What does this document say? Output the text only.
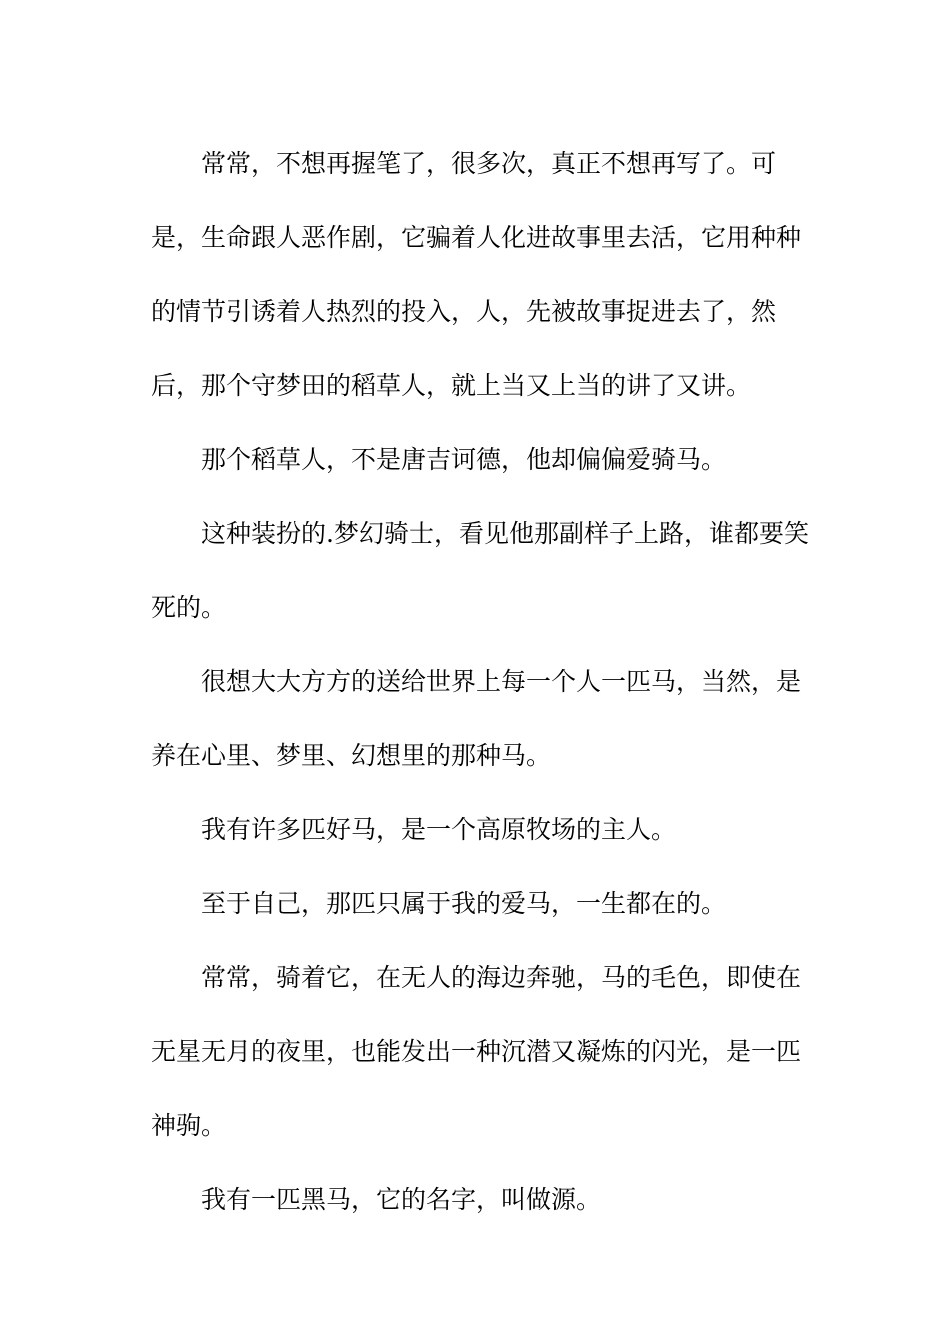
常常，不想再握笔了，很多次，真正不想再写了。可是，生命跟人恶作剧，它骗着人化进故事里去活，它用种种的情节引诱着人热烈的投入，人，先被故事捉进去了，然后，那个守梦田的稻草人，就上当又上当的讲了又讲。

那个稻草人，不是唐吉诃德，他却偏偏爱骑马。

这种装扮的.梦幻骑士，看见他那副样子上路，谁都要笑死的。

很想大大方方的送给世界上每一个人一匹马，当然，是养在心里、梦里、幻想里的那种马。

我有许多匹好马，是一个高原牧场的主人。

至于自己，那匹只属于我的爱马，一生都在的。

常常，骑着它，在无人的海边奔驰，马的毛色，即使在无星无月的夜里，也能发出一种沉潜又凝炼的闪光，是一匹神驹。

我有一匹黑马，它的名字，叫做源。
